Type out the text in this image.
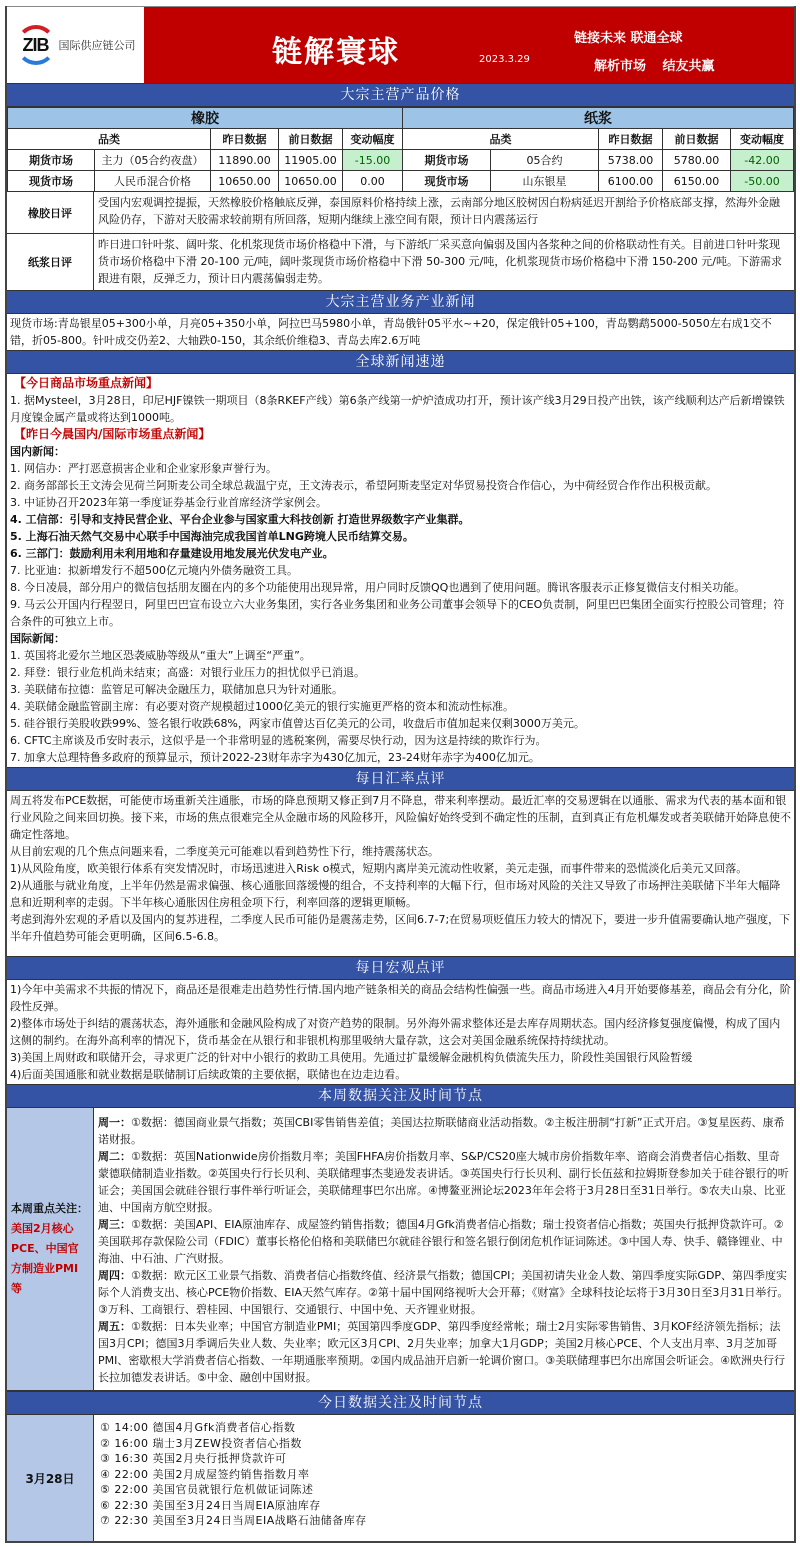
ZIB 国际供应链公司	链解寰球	2023.3.29
链接未来 联通全球
解析市场 结友共赢
大宗主营产品价格
橡胶					纸浆				
品类		昨日数据	前日数据	变动幅度	品类		昨日数据	前日数据	变动幅度
期货市场	主力（05合约夜盘）	11890.00	11905.00	-15.00	期货市场	05合约	5738.00	5780.00	-42.00
现货市场	人民币混合价格	10650.00	10650.00	0.00	现货市场	山东银星	6100.00	6150.00	-50.00
橡胶日评
受国内宏观调控提振，天然橡胶价格触底反弹，泰国原料价格持续上涨，云南部分地区胶树因白粉病延迟开割给予价格底部支撑，然海外金融风险仍存，下游对天胶需求较前期有所回落，短期内继续上涨空间有限，预计日内震荡运行
纸浆日评
昨日进口针叶浆、阔叶浆、化机浆现货市场价格稳中下滑，与下游纸厂采买意向偏弱及国内各浆种之间的价格联动性有关。目前进口针叶浆现货市场价格稳中下滑 20-100 元/吨，阔叶浆现货市场价格稳中下滑 50-300 元/吨，化机浆现货市场价格稳中下滑 150-200 元/吨。下游需求跟进有限，反弹乏力，预计日内震荡偏弱走势。
大宗主营业务产业新闻
现货市场:青岛银星05+300小单，月亮05+350小单，阿拉巴马5980小单，青岛俄针05平水~+20，保定俄针05+100，青岛鹦鹉5000-5050左右成1交不错，折05-800。针叶成交仍差2、大轴跌0-150，其余纸价维稳3、青岛去库2.6万吨
全球新闻速递
【今日商品市场重点新闻】
1. 据Mysteel，3月28日，印尼HJF镍铁一期项目（8条RKEF产线）第6条产线第一炉炉渣成功打开，预计该产线3月29日投产出铁，该产线顺利达产后新增镍铁月度镍金属产量或将达到1000吨。
【昨日今晨国内/国际市场重点新闻】
国内新闻：
1. 网信办：严打恶意损害企业和企业家形象声誉行为。
2. 商务部部长王文涛会见荷兰阿斯麦公司全球总裁温宁克，王文涛表示，希望阿斯麦坚定对华贸易投资合作信心，为中荷经贸合作作出积极贡献。
3. 中证协召开2023年第一季度证券基金行业首席经济学家例会。
4. 工信部：引导和支持民营企业、平台企业参与国家重大科技创新 打造世界级数字产业集群。
5. 上海石油天然气交易中心联手中国海油完成我国首单LNG跨境人民币结算交易。
6. 三部门：鼓励利用未利用地和存量建设用地发展光伏发电产业。
7. 比亚迪：拟新增发行不超500亿元境内外债务融资工具。
8. 今日凌晨，部分用户的微信包括朋友圈在内的多个功能使用出现异常，用户同时反馈QQ也遇到了使用问题。腾讯客服表示正修复微信支付相关功能。
9. 马云公开国内行程翌日，阿里巴巴宣布设立六大业务集团，实行各业务集团和业务公司董事会领导下的CEO负责制，阿里巴巴集团全面实行控股公司管理；符合条件的可独立上市。
国际新闻：
1. 英国将北爱尔兰地区恐袭威胁等级从“重大”上调至“严重”。
2. 拜登：银行业危机尚未结束；高盛：对银行业压力的担忧似乎已消退。
3. 美联储布拉德：监管足可解决金融压力，联储加息只为针对通胀。
4. 美联储金融监管副主席：有必要对资产规模超过1000亿美元的银行实施更严格的资本和流动性标准。
5. 硅谷银行美股收跌99%、签名银行收跌68%，两家市值曾达百亿美元的公司，收盘后市值加起来仅剩3000万美元。
6. CFTC主席谈及币安时表示，这似乎是一个非常明显的逃税案例，需要尽快行动，因为这是持续的欺诈行为。
7. 加拿大总理特鲁多政府的预算显示，预计2022-23财年赤字为430亿加元，23-24财年赤字为400亿加元。
每日汇率点评
周五将发布PCE数据，可能使市场重新关注通胀，市场的降息预期又修正到7月不降息，带来利率摆动。最近汇率的交易逻辑在以通胀、需求为代表的基本面和银行业风险之间来回切换。接下来，市场的焦点很难完全从金融市场的风险移开，风险偏好始终受到不确定性的压制，直到真正有危机爆发或者美联储开始降息使不确定性落地。
从目前宏观的几个焦点问题来看，二季度美元可能难以看到趋势性下行，维持震荡状态。
1)从风险角度，欧美银行体系有突发情况时，市场迅速进入Risk o模式，短期内离岸美元流动性收紧，美元走强，而事件带来的恐慌淡化后美元又回落。
2)从通胀与就业角度，上半年仍然是需求偏强、核心通胀回落缓慢的组合，不支持利率的大幅下行，但市场对风险的关注又导致了市场押注美联储下半年大幅降息和近期利率的走弱。下半年核心通胀因住房租金项下行，利率回落的逻辑更顺畅。
考虑到海外宏观的矛盾以及国内的复苏进程，二季度人民币可能仍是震荡走势，区间6.7-7;在贸易项贬值压力较大的情况下，要进一步升值需要确认地产强度，下半年升值趋势可能会更明确，区间6.5-6.8。
每日宏观点评
1)今年中美需求不共振的情况下，商品还是很难走出趋势性行情.国内地产链条相关的商品会结构性偏强一些。商品市场进入4月开始要修基差，商品会有分化，阶段性反弹。
2)整体市场处于纠结的震荡状态，海外通胀和金融风险构成了对资产趋势的限制。另外海外需求整体还是去库存周期状态。国内经济修复强度偏慢，构成了国内这侧的制约。在海外高利率的情况下，货币基金在从银行和非银机构那里吸纳大量存款，这会对美国金融系统保持持续扰动。
3)美国上周财政和联储开会，寻求更广泛的针对中小银行的救助工具使用。先通过扩量缓解金融机构负债流失压力，阶段性美国银行风险暂缓
4)后面美国通胀和就业数据是联储制订后续政策的主要依据，联储也在边走边看。
本周数据关注及时间节点
本周重点关注：美国2月核心PCE、中国官方制造业PMI等
周一：①数据：德国商业景气指数；英国CBI零售销售差值；美国达拉斯联储商业活动指数。②主板注册制“打新”正式开启。③复星医药、康希诺财报。
周二：①数据：英国Nationwide房价指数月率；美国FHFA房价指数月率、S&P/CS20座大城市房价指数年率、谘商会消费者信心指数、里奇蒙德联储制造业指数。②英国央行行长贝利、美联储理事杰斐逊发表讲话。③英国央行行长贝利、副行长伍兹和拉姆斯登参加关于硅谷银行的听证会；美国国会就硅谷银行事件举行听证会，美联储理事巴尔出席。④博鳌亚洲论坛2023年年会将于3月28日至31日举行。⑤农夫山泉、比亚迪、中国南方航空财报。
周三：①数据：美国API、EIA原油库存、成屋签约销售指数；德国4月Gfk消费者信心指数；瑞士投资者信心指数；英国央行抵押贷款许可。②美国联邦存款保险公司（FDIC）董事长格伦伯格和美联储巴尔就硅谷银行和签名银行倒闭危机作证词陈述。③中国人寿、快手、赣锋锂业、中海油、中石油、广汽财报。
周四：①数据：欧元区工业景气指数、消费者信心指数终值、经济景气指数；德国CPI；美国初请失业金人数、第四季度实际GDP、第四季度实际个人消费支出、核心PCE物价指数、EIA天然气库存。②第十届中国网络视听大会开幕；《财富》全球科技论坛将于3月30日至3月31日举行。③万科、工商银行、碧桂园、中国银行、交通银行、中国中免、天齐锂业财报。
周五：①数据：日本失业率；中国官方制造业PMI；英国第四季度GDP、第四季度经常帐；瑞士2月实际零售销售、3月KOF经济领先指标；法国3月CPI；德国3月季调后失业人数、失业率；欧元区3月CPI、2月失业率；加拿大1月GDP；美国2月核心PCE、个人支出月率、3月芝加哥PMI、密歇根大学消费者信心指数、一年期通胀率预期。②国内成品油开启新一轮调价窗口。③美联储理事巴尔出席国会听证会。④欧洲央行行长拉加德发表讲话。⑤中金、融创中国财报。
今日数据关注及时间节点
3月28日
① 14:00 德国4月Gfk消费者信心指数
② 16:00 瑞士3月ZEW投资者信心指数
③ 16:30 英国2月央行抵押贷款许可
④ 22:00 美国2月成屋签约销售指数月率
⑤ 22:00 美国官员就银行危机做证词陈述
⑥ 22:30 美国至3月24日当周EIA原油库存
⑦ 22:30 美国至3月24日当周EIA战略石油储备库存
